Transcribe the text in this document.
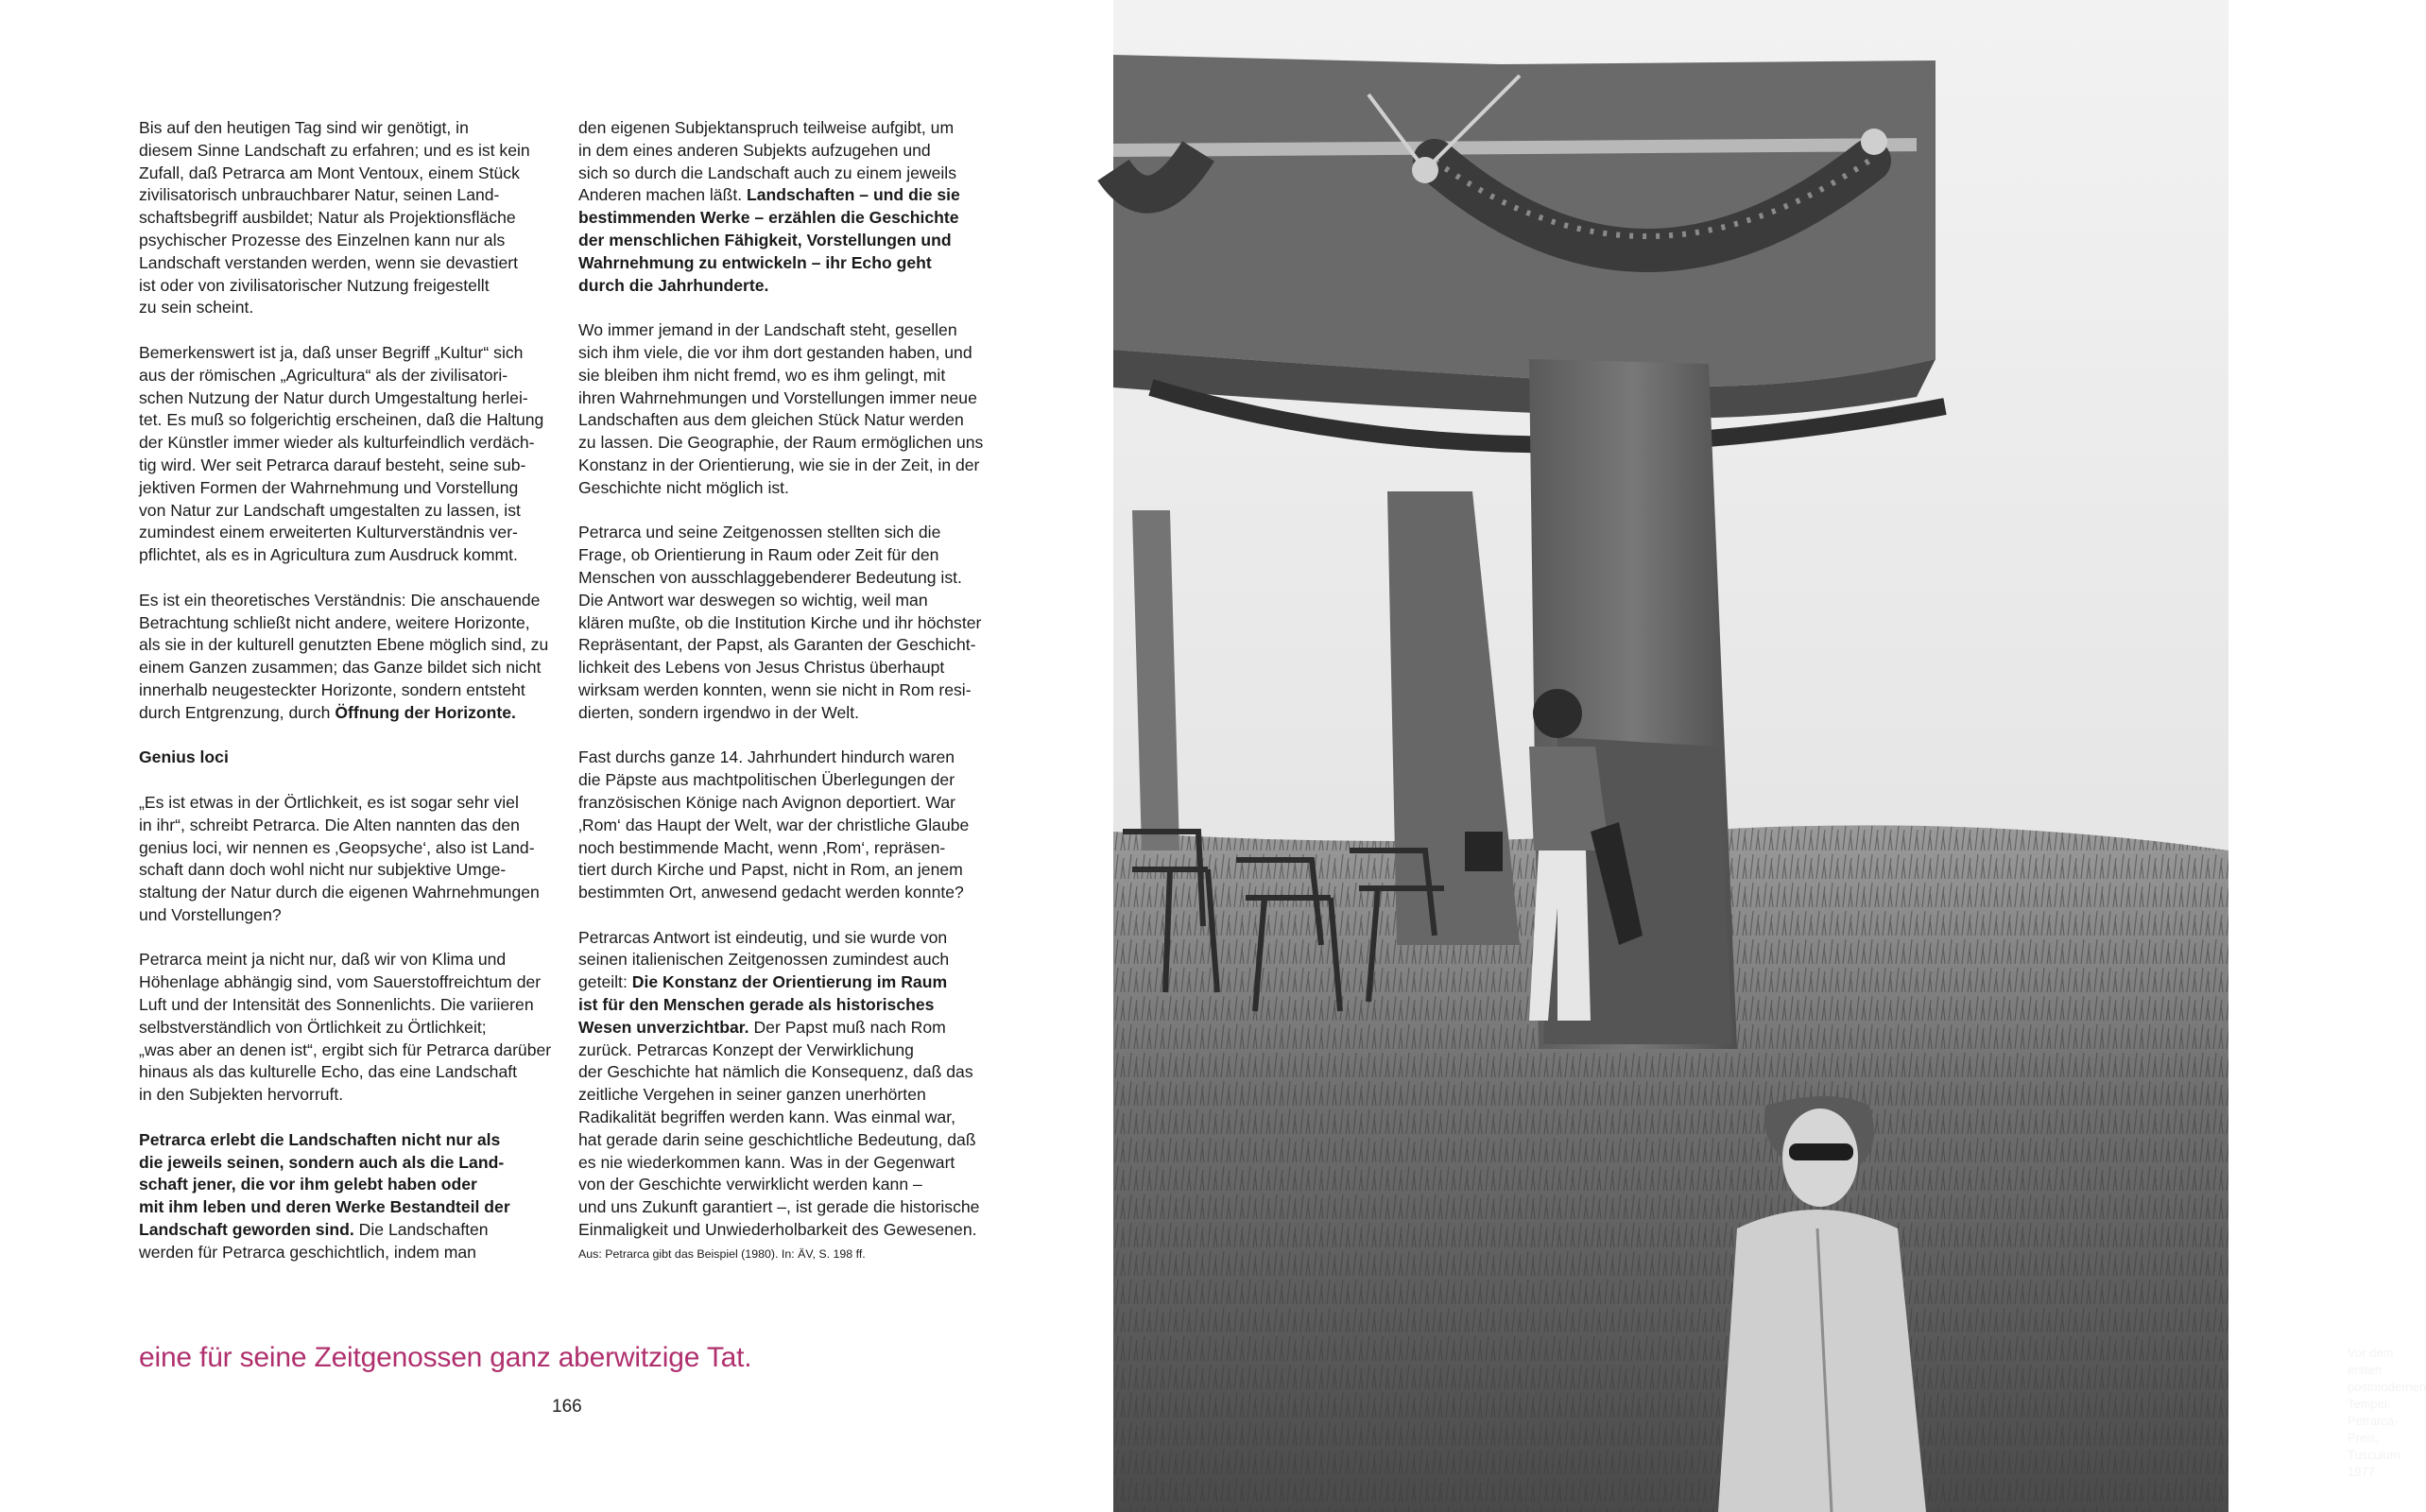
Bis auf den heutigen Tag sind wir genötigt, in
diesem Sinne Landschaft zu erfahren; und es ist kein
Zufall, daß Petrarca am Mont Ventoux, einem Stück
zivilisatorisch unbrauchbarer Natur, seinen Land-
schaftsbegriff ausbildet; Natur als Projektionsfläche
psychischer Prozesse des Einzelnen kann nur als
Landschaft verstanden werden, wenn sie devastiert
ist oder von zivilisatorischer Nutzung freigestellt
zu sein scheint.

Bemerkenswert ist ja, daß unser Begriff „Kultur“ sich
aus der römischen „Agricultura“ als der zivilisatori-
schen Nutzung der Natur durch Umgestaltung herlei-
tet. Es muß so folgerichtig erscheinen, daß die Haltung
der Künstler immer wieder als kulturfeindlich verdäch-
tig wird. Wer seit Petrarca darauf besteht, seine sub-
jektiven Formen der Wahrnehmung und Vorstellung
von Natur zur Landschaft umgestalten zu lassen, ist
zumindest einem erweiterten Kulturverständnis ver-
pflichtet, als es in Agricultura zum Ausdruck kommt.

Es ist ein theoretisches Verständnis: Die anschauende
Betrachtung schließt nicht andere, weitere Horizonte,
als sie in der kulturell genutzten Ebene möglich sind, zu
einem Ganzen zusammen; das Ganze bildet sich nicht
innerhalb neugesteckter Horizonte, sondern entsteht
durch Entgrenzung, durch Öffnung der Horizonte.

Genius loci

„Es ist etwas in der Örtlichkeit, es ist sogar sehr viel
in ihr“, schreibt Petrarca. Die Alten nannten das den
genius loci, wir nennen es ‚Geopsyche‘, also ist Land-
schaft dann doch wohl nicht nur subjektive Umge-
staltung der Natur durch die eigenen Wahrnehmungen
und Vorstellungen?

Petrarca meint ja nicht nur, daß wir von Klima und
Höhenlage abhängig sind, vom Sauerstoffreichtum der
Luft und der Intensität des Sonnenlichts. Die variieren
selbstverständlich von Örtlichkeit zu Örtlichkeit;
„was aber an denen ist“, ergibt sich für Petrarca darüber
hinaus als das kulturelle Echo, das eine Landschaft
in den Subjekten hervorruft.

Petrarca erlebt die Landschaften nicht nur als
die jeweils seinen, sondern auch als die Land-
schaft jener, die vor ihm gelebt haben oder
mit ihm leben und deren Werke Bestandteil der
Landschaft geworden sind. Die Landschaften
werden für Petrarca geschichtlich, indem man

den eigenen Subjektanspruch teilweise aufgibt, um
in dem eines anderen Subjekts aufzugehen und
sich so durch die Landschaft auch zu einem jeweils
Anderen machen läßt. Landschaften – und die sie
bestimmenden Werke – erzählen die Geschichte
der menschlichen Fähigkeit, Vorstellungen und
Wahrnehmung zu entwickeln – ihr Echo geht
durch die Jahrhunderte.

Wo immer jemand in der Landschaft steht, gesellen
sich ihm viele, die vor ihm dort gestanden haben, und
sie bleiben ihm nicht fremd, wo es ihm gelingt, mit
ihren Wahrnehmungen und Vorstellungen immer neue
Landschaften aus dem gleichen Stück Natur werden
zu lassen. Die Geographie, der Raum ermöglichen uns
Konstanz in der Orientierung, wie sie in der Zeit, in der
Geschichte nicht möglich ist.

Petrarca und seine Zeitgenossen stellten sich die
Frage, ob Orientierung in Raum oder Zeit für den
Menschen von ausschlaggebenderer Bedeutung ist.
Die Antwort war deswegen so wichtig, weil man
klären mußte, ob die Institution Kirche und ihr höchster
Repräsentant, der Papst, als Garanten der Geschicht-
lichkeit des Lebens von Jesus Christus überhaupt
wirksam werden konnten, wenn sie nicht in Rom resi-
dierten, sondern irgendwo in der Welt.

Fast durchs ganze 14. Jahrhundert hindurch waren
die Päpste aus machtpolitischen Überlegungen der
französischen Könige nach Avignon deportiert. War
‚Rom‘ das Haupt der Welt, war der christliche Glaube
noch bestimmende Macht, wenn ‚Rom‘, repräsen-
tiert durch Kirche und Papst, nicht in Rom, an jenem
bestimmten Ort, anwesend gedacht werden konnte?

Petrarcas Antwort ist eindeutig, und sie wurde von
seinen italienischen Zeitgenossen zumindest auch
geteilt: Die Konstanz der Orientierung im Raum
ist für den Menschen gerade als historisches
Wesen unverzichtbar. Der Papst muß nach Rom
zurück. Petrarcas Konzept der Verwirklichung
der Geschichte hat nämlich die Konsequenz, daß das
zeitliche Vergehen in seiner ganzen unerhörten
Radikalität begriffen werden kann. Was einmal war,
hat gerade darin seine geschichtliche Bedeutung, daß
es nie wiederkommen kann. Was in der Gegenwart
von der Geschichte verwirklicht werden kann –
und uns Zukunft garantiert –, ist gerade die historische
Einmaligkeit und Unwiederholbarkeit des Gewesenen.

Aus: Petrarca gibt das Beispiel (1980). In: ÄV, S. 198 ff.
eine für seine Zeitgenossen ganz aberwitzige Tat.
166
Vor dem ersten postmodernen Tempel.
Petrarca-Preis, Tusculum 1977
